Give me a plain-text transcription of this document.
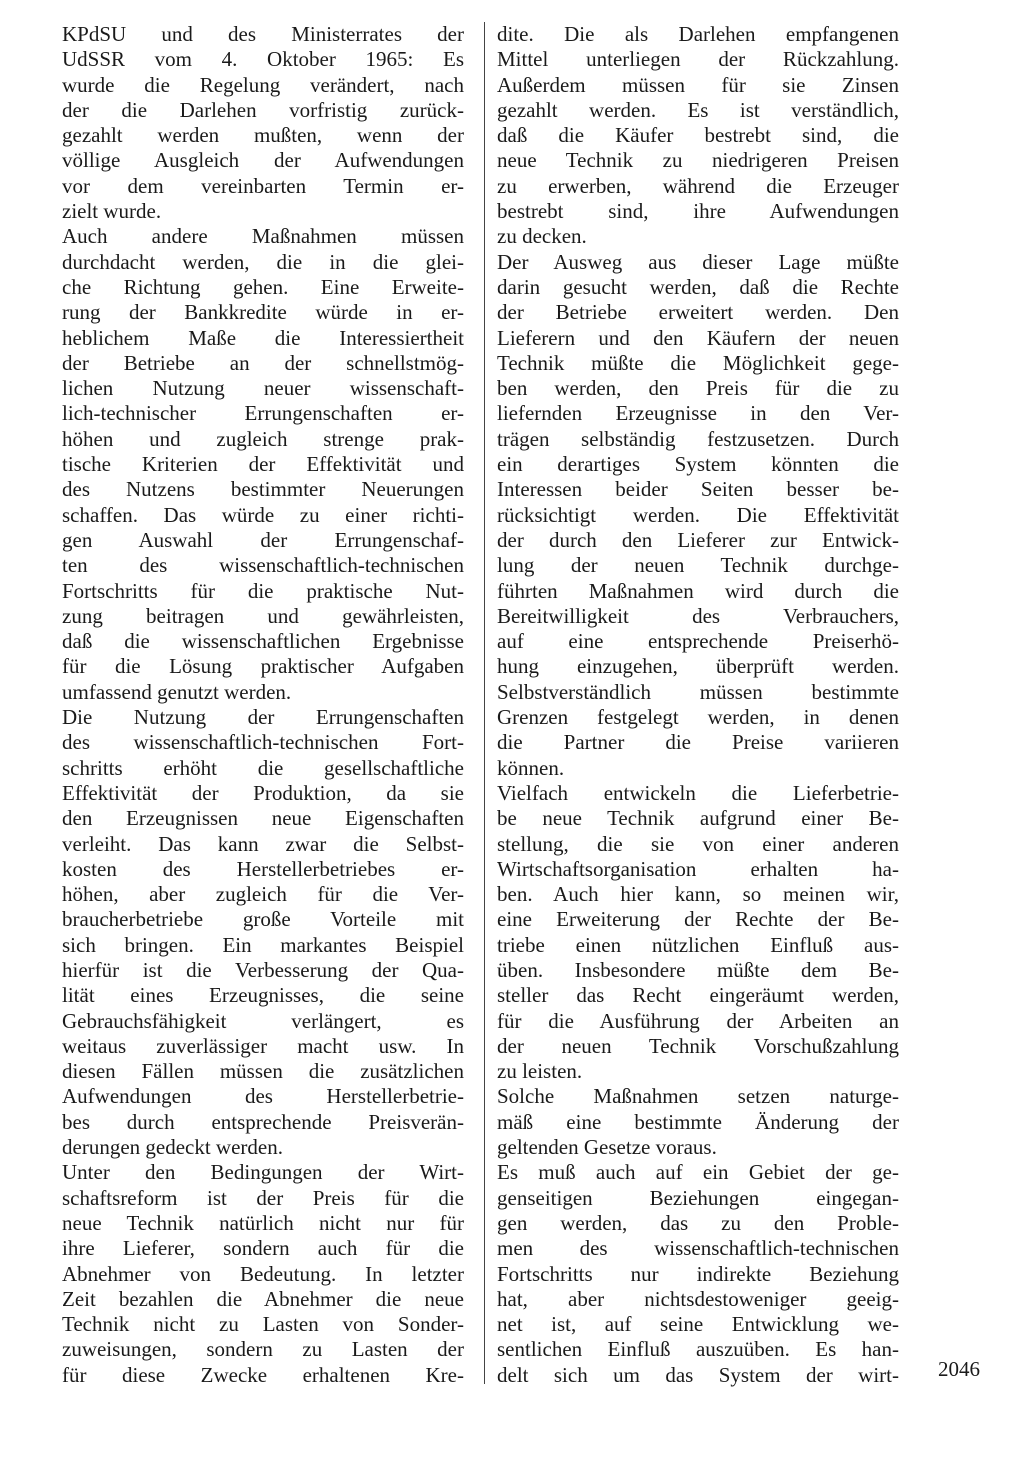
KPdSU und des Ministerrates der
UdSSR vom 4. Oktober 1965: Es
wurde die Regelung verändert, nach
der die Darlehen vorfristig zurück-
gezahlt werden mußten, wenn der
völlige Ausgleich der Aufwendungen
vor dem vereinbarten Termin er-
zielt wurde.
Auch andere Maßnahmen müssen
durchdacht werden, die in die glei-
che Richtung gehen. Eine Erweite-
rung der Bankkredite würde in er-
heblichem Maße die Interessiertheit
der Betriebe an der schnellstmög-
lichen Nutzung neuer wissenschaft-
lich-technischer Errungenschaften er-
höhen und zugleich strenge prak-
tische Kriterien der Effektivität und
des Nutzens bestimmter Neuerungen
schaffen. Das würde zu einer richti-
gen Auswahl der Errungenschaf-
ten des wissenschaftlich-technischen
Fortschritts für die praktische Nut-
zung beitragen und gewährleisten,
daß die wissenschaftlichen Ergebnisse
für die Lösung praktischer Aufgaben
umfassend genutzt werden.
Die Nutzung der Errungenschaften
des wissenschaftlich-technischen Fort-
schritts erhöht die gesellschaftliche
Effektivität der Produktion, da sie
den Erzeugnissen neue Eigenschaften
verleiht. Das kann zwar die Selbst-
kosten des Herstellerbetriebes er-
höhen, aber zugleich für die Ver-
braucherbetriebe große Vorteile mit
sich bringen. Ein markantes Beispiel
hierfür ist die Verbesserung der Qua-
lität eines Erzeugnisses, die seine
Gebrauchsfähigkeit verlängert, es
weitaus zuverlässiger macht usw. In
diesen Fällen müssen die zusätzlichen
Aufwendungen des Herstellerbetrie-
bes durch entsprechende Preisverän-
derungen gedeckt werden.
Unter den Bedingungen der Wirt-
schaftsreform ist der Preis für die
neue Technik natürlich nicht nur für
ihre Lieferer, sondern auch für die
Abnehmer von Bedeutung. In letzter
Zeit bezahlen die Abnehmer die neue
Technik nicht zu Lasten von Sonder-
zuweisungen, sondern zu Lasten der
für diese Zwecke erhaltenen Kre-
dite. Die als Darlehen empfangenen
Mittel unterliegen der Rückzahlung.
Außerdem müssen für sie Zinsen
gezahlt werden. Es ist verständlich,
daß die Käufer bestrebt sind, die
neue Technik zu niedrigeren Preisen
zu erwerben, während die Erzeuger
bestrebt sind, ihre Aufwendungen
zu decken.
Der Ausweg aus dieser Lage müßte
darin gesucht werden, daß die Rechte
der Betriebe erweitert werden. Den
Lieferern und den Käufern der neuen
Technik müßte die Möglichkeit gege-
ben werden, den Preis für die zu
liefernden Erzeugnisse in den Ver-
trägen selbständig festzusetzen. Durch
ein derartiges System könnten die
Interessen beider Seiten besser be-
rücksichtigt werden. Die Effektivität
der durch den Lieferer zur Entwick-
lung der neuen Technik durchge-
führten Maßnahmen wird durch die
Bereitwilligkeit des Verbrauchers,
auf eine entsprechende Preiserhö-
hung einzugehen, überprüft werden.
Selbstverständlich müssen bestimmte
Grenzen festgelegt werden, in denen
die Partner die Preise variieren
können.
Vielfach entwickeln die Lieferbetrie-
be neue Technik aufgrund einer Be-
stellung, die sie von einer anderen
Wirtschaftsorganisation erhalten ha-
ben. Auch hier kann, so meinen wir,
eine Erweiterung der Rechte der Be-
triebe einen nützlichen Einfluß aus-
üben. Insbesondere müßte dem Be-
steller das Recht eingeräumt werden,
für die Ausführung der Arbeiten an
der neuen Technik Vorschußzahlung
zu leisten.
Solche Maßnahmen setzen naturge-
mäß eine bestimmte Änderung der
geltenden Gesetze voraus.
Es muß auch auf ein Gebiet der ge-
genseitigen Beziehungen eingegan-
gen werden, das zu den Proble-
men des wissenschaftlich-technischen
Fortschritts nur indirekte Beziehung
hat, aber nichtsdestoweniger geeig-
net ist, auf seine Entwicklung we-
sentlichen Einfluß auszuüben. Es han-
delt sich um das System der wirt- 2046
